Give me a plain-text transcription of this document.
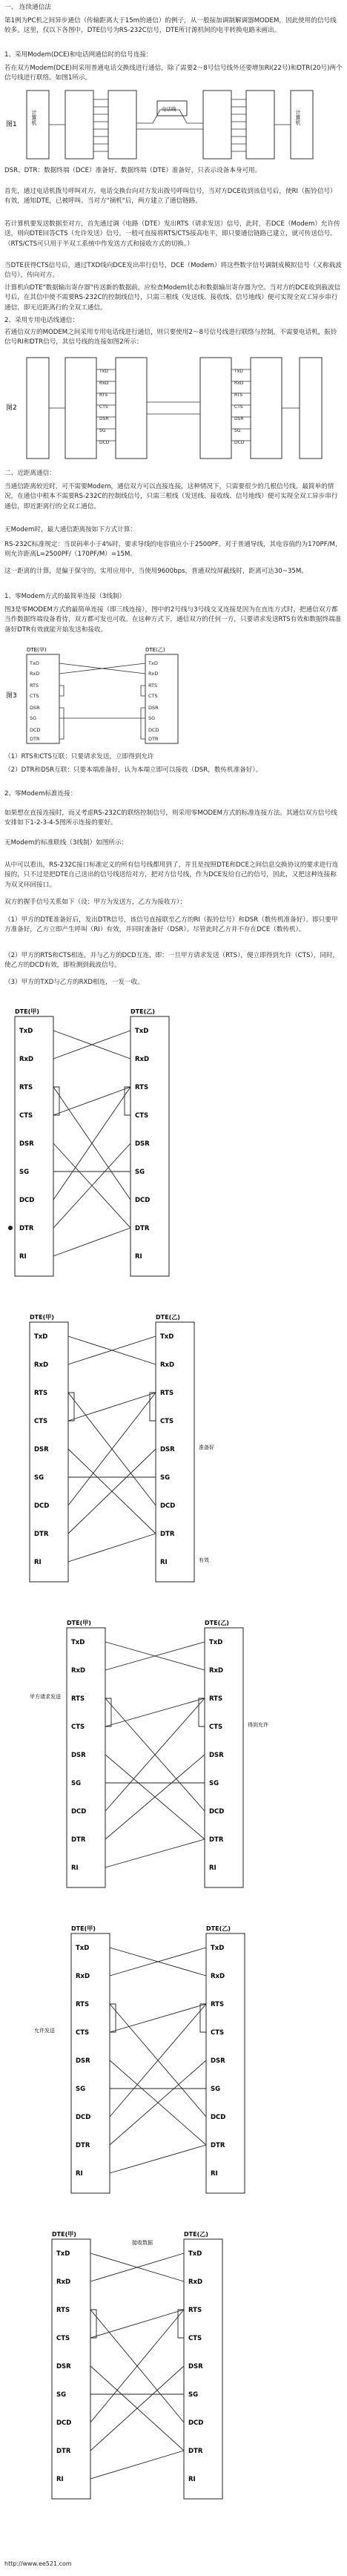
一、 连续通信法
第1例为PC机之间异步通信（传输距离大于15m的通信）的例子，从一般接加调制解调器MODEM，因此使用的信号线较多。这里，仅以下各图中，DTE信号为RS-232C信号，DTE所讨源机间的电平转换电路未画出。
1、采用Modem(DCE)和电话网通信时的信号连接：
若在双方Modem(DCE)间采用普通电话交换线进行通信，除了需要2～8号信号线外还要增加RI(22号)和DTR(20号)两个信号线进行联络。如图1所示。
图1	计算机	计算机
电话线
DSR、DTR：数据终端（DCE）准备好、数据终端（DTE）准备好，只表示设备本身可用。
首先，通过电话机拨号呼叫对方，电话交换台向对方发出拨号呼叫信号，当对方DCE收到该信号后，使RI（振铃信号）有效，通知DTE，已被呼叫。当对方"摘机"后，两方建立了通信链路。
若计算机要发送数据至对方，首先通过调《电路（DTE）发出RTS（请求发送）信号，此时，若DCE（Modem）允许传送，则向DTE回答CTS（允许发送）信号。一般可直接将RTS/CTS接高电平，即只要通信链路已建立，就可传送信号。（RTS/CTS可只用于半双工系统中作发送方式和接收方式的切换。）
当DTE获得CTS信号后，通过TXD线向DCE发出串行信号，DCE（Modem）将这些数字信号调制成模拟信号（又称载波信号），传向对方。
计算机向DTE"数据输出寄存器"传送新的数据前，应检查Modem状态和数据输出寄存器为空。当对方的DCE收到载波信号后，在其信中使不需要RS-232C的控制线信号，只需三根线（发送线、接收线、信号地线）便可实现全双工异步串行通信，即无近距离行的全双工通信。
2、采用专用电话线通信：
若通信双方的MODEM之间采用专用电话线进行通信，则只要使用2～8号信号线进行联络与控制，不需要电话机，振铃信号RI和DTR信号，其信号线的连接如图2所示：
图2
TxD
RxD
RTS
CTS
DSR
SG
DCD
TxD
RxD
RTS
CTS
DSR
SG
DCD
二、近距离通信：
当通信距离较近时，可不需要Modem，通信双方可以直接连接，这种情况下，只需要很少的几根信号线。最简单的情况，在通信中根本不需要RS-232C的控制线信号，只需三根线（发送线、接收线、信号地线）便可实现全双工异步串行通信，即近距离行的全双工通信。
无Modem时，最大通信距离按如下方式计算：
RS-232C标准规定：当误码率小于4%时，要求导线的电容值应小于2500PF。对于普通导线，其电容值约为170PF/M，则允许距离L=2500PF/（170PF/M）=15M。
这一距离的计算，是偏于保守的。实用应用中，当使用9600bps，普通双绞屏蔽线时，距离可达30~35M。
1、零Modem方式的最简单连接（3线制）
图3是零MODEM方式的最简单连接（即三线连接），图中的2号线与3号线交叉连接是因为在直连方式时，把通信双方都当作数据终端设备看待，双方都可发也可收。在这种方式下，通信双方的任何一方，只要请求发送RTS有效和数据终端准备好DTR有效就能开始发送和接收。
图3
DTE(甲)	DTE(乙)
TxD
RxD
RTS
CTS
DSR
SG
DCD
DTR
TxD
RxD
RTS
CTS
DSR
SG
DCD
DTR
（1）RTS和CTS互联：只要请求发送，立即得到允许
（2）DTR和DSR互联：只要本端准备好，认为本端立即可以接收（DSR，数传机准备好）。
2、零Modem标准连接：
如果想在直接连接时，而又考虑RS-232C的联络控制信号，则采用零MODEM方式的标准连接方法。其通信双方信号线安排如下1-2-3-4-5图所示连接的要好。
无Modem的标准联线（3线制）如图所示：
从中可以看出，RS-232C接口标准定义的所有信号线都用到了，并且是按照DTE和DCE之间信息交换协议的要求进行连接的，只不过是把DTE自己送出的信号线送给对方，把对方信号线，作为DCE发给自己的信号，因此，又把这种连接称为双叉环回接口。
双方的握手信号关系如下（设：甲方为发送方，乙方为接收方）：
（1）甲方的DTE准备好后，发出DTR信号，该信号直接联至乙方的RI（振铃信号）和DSR（数传机准备好）。即只要甲方准备好，乙方立即产生呼叫（RI）有效，并同时准备好（DSR）。尽管此时乙方并不存在DCE（数传机）。
（2）甲方的RTS和CTS相连，并与乙方的DCD互连，即：一旦甲方请求发送（RTS），便立即得到允许（CTS），同时，使乙方的DCD有效，即检测到载波信号。
（3）甲方的TXD与乙方的RXD相连，一发一收。
DTE(甲)	DTE(乙)
TxD	TxD
RxD	RxD
RTS	RTS
CTS	CTS
DSR	DSR
SG	SG
DCD	DCD
DTR	DTR
RI	RI
DTE(甲)	DTE(乙)
TxD	TxD
RxD	RxD
RTS	RTS
CTS	CTS
DSR	DSR
SG	SG
DCD	DCD
DTR	DTR
RI	RI
准备好
有效
DTE(甲)	DTE(乙)
TxD	TxD
RxD	RxD
RTS	RTS
CTS	CTS
DSR	DSR
SG	SG
DCD	DCD
DTR	DTR
RI	RI
甲方请求发送
得到允许
DTE(甲)	DTE(乙)
TxD	TxD
RxD	RxD
RTS	RTS
CTS	CTS
DSR	DSR
SG	SG
DCD	DCD
DTR	DTR
RI	RI
允许发送
DTE(甲)	DTE(乙)
TxD	TxD
RxD	RxD
RTS	RTS
CTS	CTS
DSR	DSR
SG	SG
DCD	DCD
DTR	DTR
RI	RI
接收数据
http://www.ee521.com
